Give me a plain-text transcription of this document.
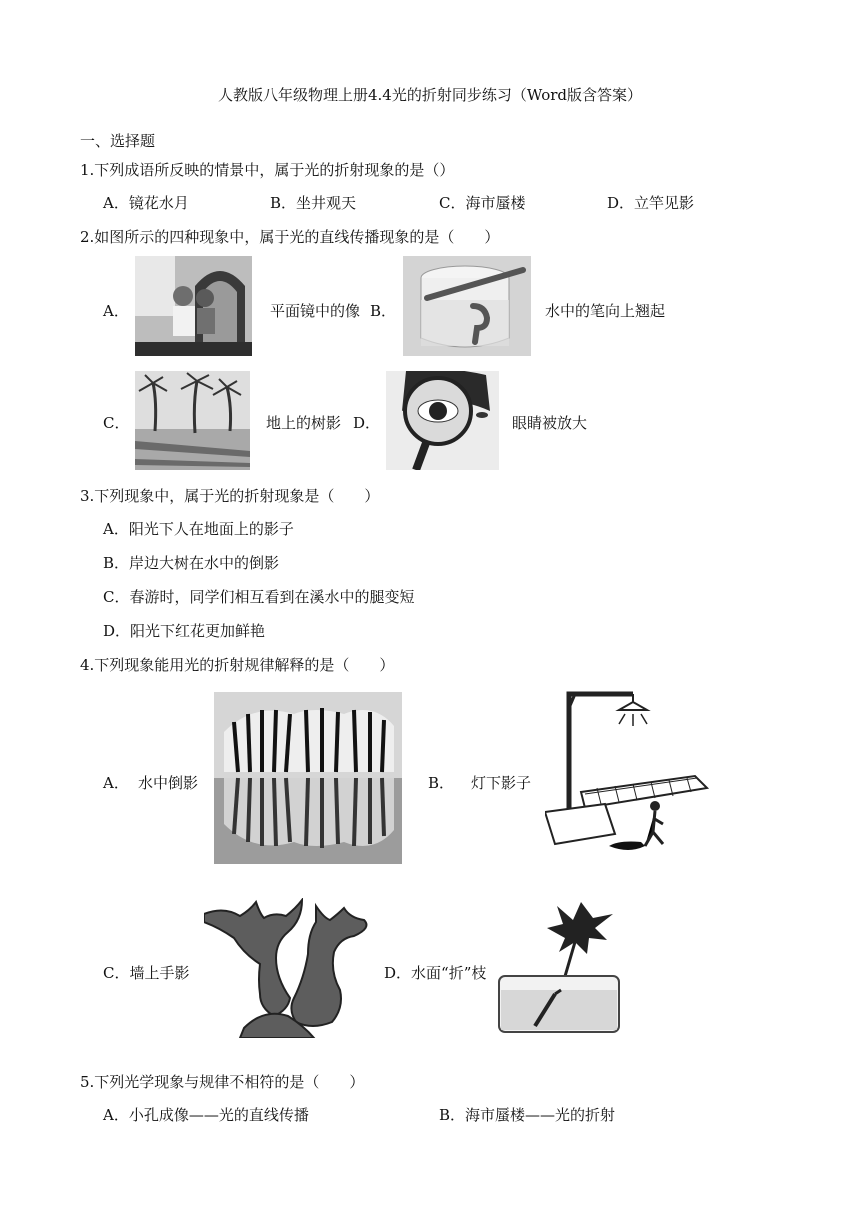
人教版八年级物理上册4.4光的折射同步练习（Word版含答案）
一、选择题
1.下列成语所反映的情景中，属于光的折射现象的是（）
A．镜花水月	B．坐井观天	C．海市蜃楼	D．立竿见影
2.如图所示的四种现象中，属于光的直线传播现象的是（　　）
A．	平面镜中的像 B．	水中的笔向上翘起
C．	地上的树影 D．	眼睛被放大
3.下列现象中，属于光的折射现象是（　　）
A．阳光下人在地面上的影子
B．岸边大树在水中的倒影
C．春游时，同学们相互看到在溪水中的腿变短
D．阳光下红花更加鲜艳
4.下列现象能用光的折射规律解释的是（　　）
A． 水中倒影	B． 灯下影子
C．墙上手影	D．水面“折”枝
5.下列光学现象与规律不相符的是（　　）
A．小孔成像——光的直线传播	B．海市蜃楼——光的折射
